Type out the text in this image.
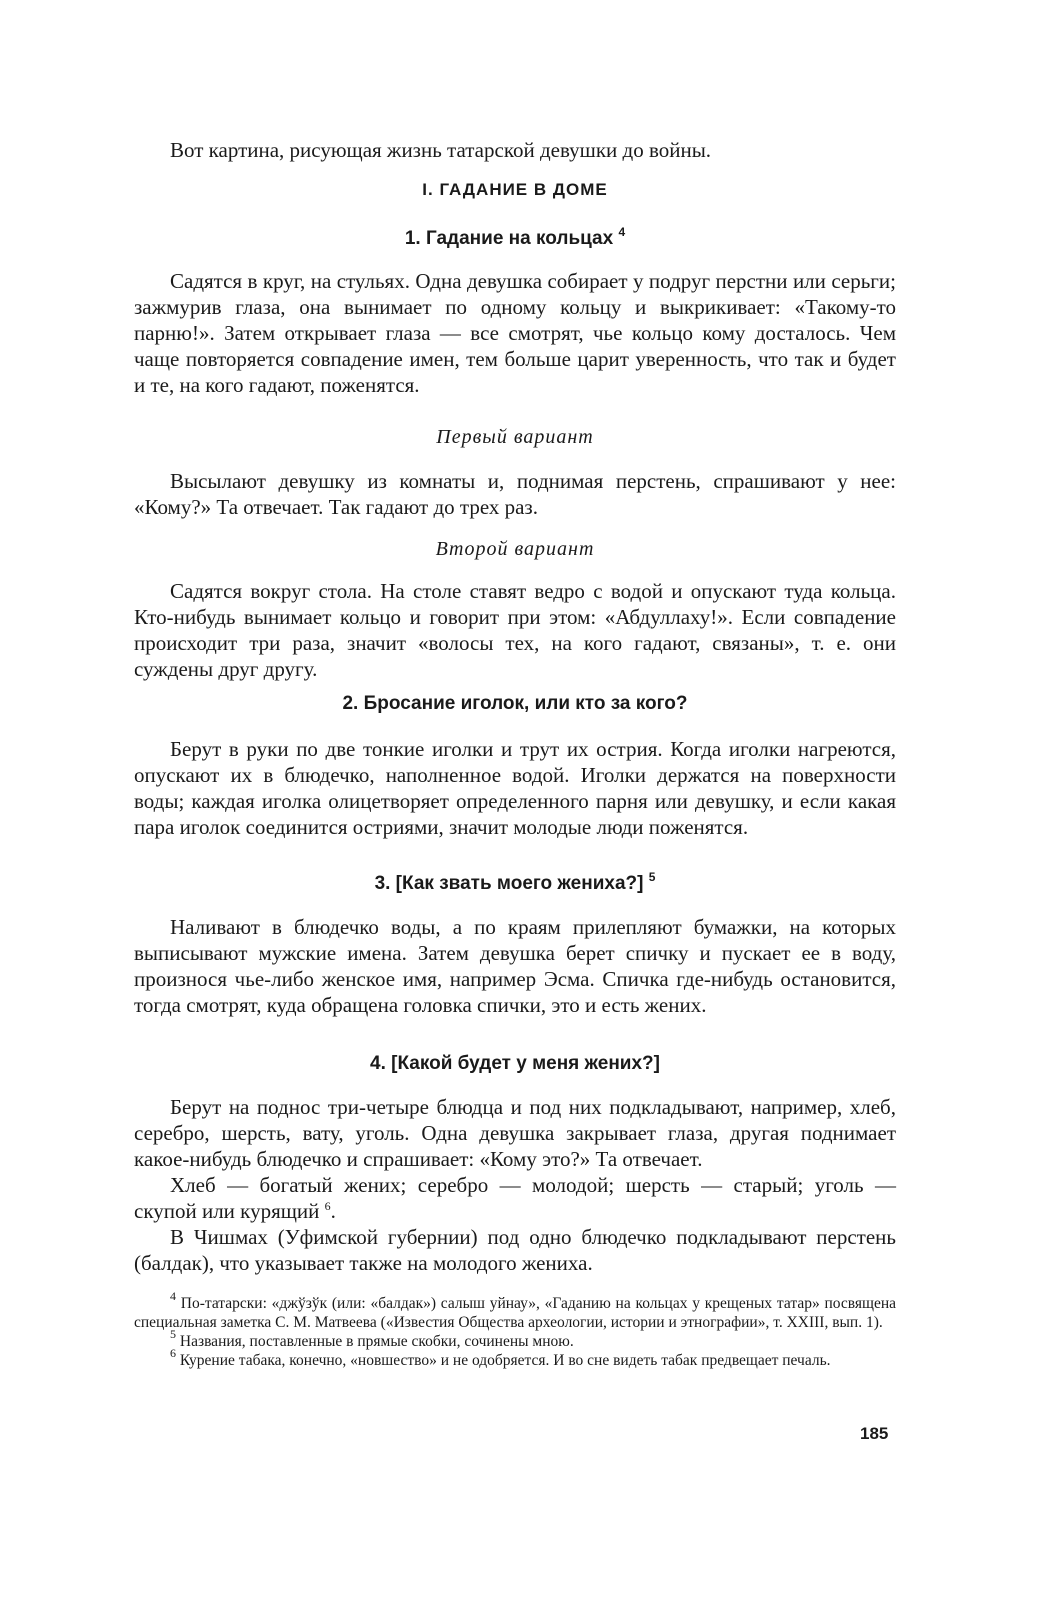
Вот картина, рисующая жизнь татарской девушки до войны.

I. ГАДАНИЕ В ДОМЕ
1. Гадание на кольцах $^4$

Садятся в круг, на стульях. Одна девушка собирает у подруг перстни или серьги; зажмурив глаза, она вынимает по одному кольцу и выкрикивает: «Такому-то парню!». Затем открывает глаза — все смотрят, чье кольцо кому досталось. Чем чаще повторяется совпадение имен, тем больше царит уверенность, что так и будет и те, на кого гадают, поженятся.

Первый вариант

Высылают девушку из комнаты и, поднимая перстень, спрашивают у нее: «Кому?» Та отвечает. Так гадают до трех раз.

Второй вариант

Садятся вокруг стола. На столе ставят ведро с водой и опускают туда кольца. Кто-нибудь вынимает кольцо и говорит при этом: «Абдуллаху!». Если совпадение происходит три раза, значит «волосы тех, на кого гадают, связаны», т. е. они суждены друг другу.

2. Бросание иголок, или кто за кого?

Берут в руки по две тонкие иголки и трут их острия. Когда иголки нагреются, опускают их в блюдечко, наполненное водой. Иголки держатся на поверхности воды; каждая иголка олицетворяет определенного парня или девушку, и если какая пара иголок соединится остриями, значит молодые люди поженятся.

3. [Как звать моего жениха?] $^5$

Наливают в блюдечко воды, а по краям прилепляют бумажки, на которых выписывают мужские имена. Затем девушка берет спичку и пускает ее в воду, произнося чье-либо женское имя, например Эсма. Спичка где-нибудь остановится, тогда смотрят, куда обращена головка спички, это и есть жених.

4. [Какой будет у меня жених?]

Берут на поднос три-четыре блюдца и под них подкладывают, например, хлеб, серебро, шерсть, вату, уголь. Одна девушка закрывает глаза, другая поднимает какое-нибудь блюдечко и спрашивает: «Кому это?» Та отвечает.

Хлеб — богатый жених; серебро — молодой; шерсть — старый; уголь — скупой или курящий $^6$.

В Чишмах (Уфимской губернии) под одно блюдечко подкладывают перстень (балдак), что указывает также на молодого жениха.

$^4$ По-татарски: «джўзўк (или: «балдак») салыш уйнау», «Гаданию на кольцах у крещеных татар» посвящена специальная заметка С. М. Матвеева («Известия Общества археологии, истории и этнографии», т. XXIII, вып. 1).

$^5$ Названия, поставленные в прямые скобки, сочинены мною.

$^6$ Курение табака, конечно, «новшество» и не одобряется. И во сне видеть табак предвещает печаль.

185
